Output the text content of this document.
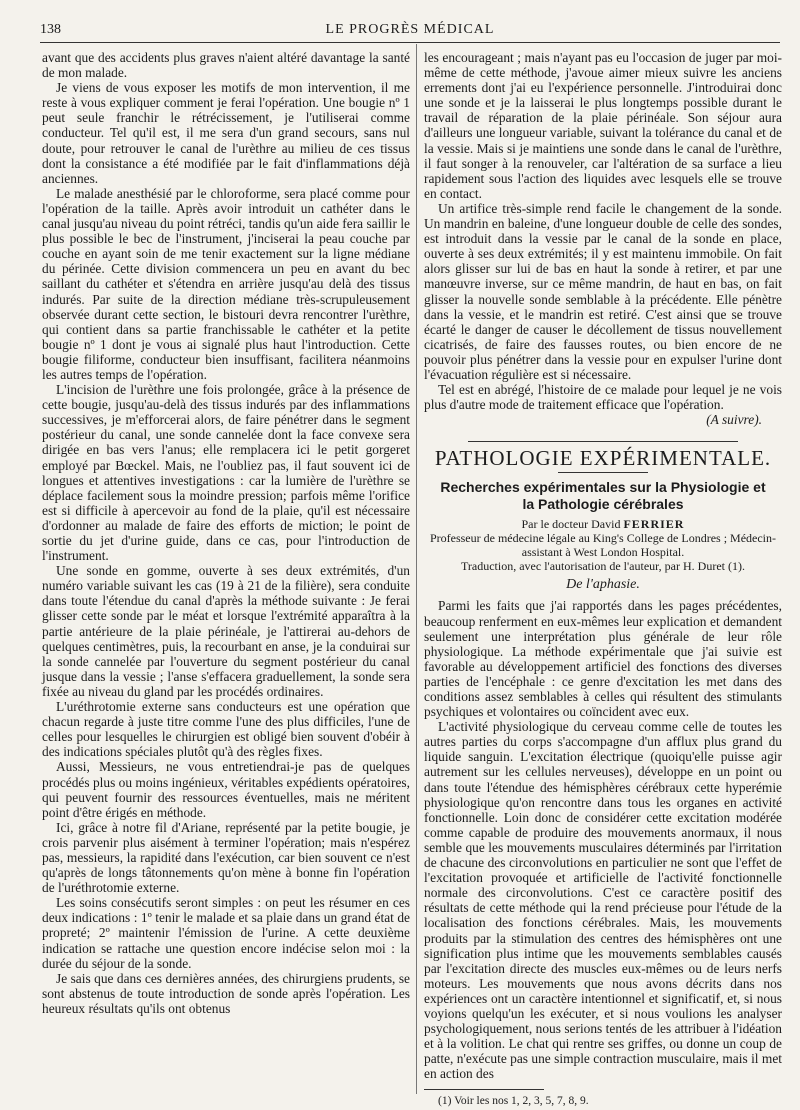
138	LE PROGRÈS MÉDICAL

avant que des accidents plus graves n'aient altéré davantage la santé de mon malade.

Je viens de vous exposer les motifs de mon intervention, il me reste à vous expliquer comment je ferai l'opération. Une bougie nº 1 peut seule franchir le rétrécissement, je l'utiliserai comme conducteur. Tel qu'il est, il me sera d'un grand secours, sans nul doute, pour retrouver le canal de l'urèthre au milieu de ces tissus dont la consistance a été modifiée par le fait d'inflammations déjà anciennes.

Le malade anesthésié par le chloroforme, sera placé comme pour l'opération de la taille. Après avoir introduit un cathéter dans le canal jusqu'au niveau du point rétréci, tandis qu'un aide fera saillir le plus possible le bec de l'instrument, j'inciserai la peau couche par couche en ayant soin de me tenir exactement sur la ligne médiane du périnée. Cette division commencera un peu en avant du bec saillant du cathéter et s'étendra en arrière jusqu'au delà des tissus indurés. Par suite de la direction médiane très-scrupuleusement observée durant cette section, le bistouri devra rencontrer l'urèthre, qui contient dans sa partie franchissable le cathéter et la petite bougie nº 1 dont je vous ai signalé plus haut l'introduction. Cette bougie filiforme, conducteur bien insuffisant, facilitera néanmoins les autres temps de l'opération.

L'incision de l'urèthre une fois prolongée, grâce à la présence de cette bougie, jusqu'au-delà des tissus indurés par des inflammations successives, je m'efforcerai alors, de faire pénétrer dans le segment postérieur du canal, une sonde cannelée dont la face convexe sera dirigée en bas vers l'anus; elle remplacera ici le petit gorgeret employé par Bœckel. Mais, ne l'oubliez pas, il faut souvent ici de longues et attentives investigations : car la lumière de l'urèthre se déplace facilement sous la moindre pression; parfois même l'orifice est si difficile à apercevoir au fond de la plaie, qu'il est nécessaire d'ordonner au malade de faire des efforts de miction; le point de sortie du jet d'urine guide, dans ce cas, pour l'introduction de l'instrument.

Une sonde en gomme, ouverte à ses deux extrémités, d'un numéro variable suivant les cas (19 à 21 de la filière), sera conduite dans toute l'étendue du canal d'après la méthode suivante : Je ferai glisser cette sonde par le méat et lorsque l'extrémité apparaîtra à la partie antérieure de la plaie périnéale, je l'attirerai au-dehors de quelques centimètres, puis, la recourbant en anse, je la conduirai sur la sonde cannelée par l'ouverture du segment postérieur du canal jusque dans la vessie ; l'anse s'effacera graduellement, la sonde sera fixée au niveau du gland par les procédés ordinaires.

L'uréthrotomie externe sans conducteurs est une opération que chacun regarde à juste titre comme l'une des plus difficiles, l'une de celles pour lesquelles le chirurgien est obligé bien souvent d'obéir à des indications spéciales plutôt qu'à des règles fixes.

Aussi, Messieurs, ne vous entretiendrai-je pas de quelques procédés plus ou moins ingénieux, véritables expédients opératoires, qui peuvent fournir des ressources éventuelles, mais ne méritent point d'être érigés en méthode.

Ici, grâce à notre fil d'Ariane, représenté par la petite bougie, je crois parvenir plus aisément à terminer l'opération; mais n'espérez pas, messieurs, la rapidité dans l'exécution, car bien souvent ce n'est qu'après de longs tâtonnements qu'on mène à bonne fin l'opération de l'uréthrotomie externe.

Les soins consécutifs seront simples : on peut les résumer en ces deux indications : 1º tenir le malade et sa plaie dans un grand état de propreté; 2º maintenir l'émission de l'urine. A cette deuxième indication se rattache une question encore indécise selon moi : la durée du séjour de la sonde.

Je sais que dans ces dernières années, des chirurgiens prudents, se sont abstenus de toute introduction de sonde après l'opération. Les heureux résultats qu'ils ont obtenus

les encourageant ; mais n'ayant pas eu l'occasion de juger par moi-même de cette méthode, j'avoue aimer mieux suivre les anciens errements dont j'ai eu l'expérience personnelle. J'introduirai donc une sonde et je la laisserai le plus longtemps possible durant le travail de réparation de la plaie périnéale. Son séjour aura d'ailleurs une longueur variable, suivant la tolérance du canal et de la vessie. Mais si je maintiens une sonde dans le canal de l'urèthre, il faut songer à la renouveler, car l'altération de sa surface a lieu rapidement sous l'action des liquides avec lesquels elle se trouve en contact.

Un artifice très-simple rend facile le changement de la sonde. Un mandrin en baleine, d'une longueur double de celle des sondes, est introduit dans la vessie par le canal de la sonde en place, ouverte à ses deux extrémités; il y est maintenu immobile. On fait alors glisser sur lui de bas en haut la sonde à retirer, et par une manœuvre inverse, sur ce même mandrin, de haut en bas, on fait glisser la nouvelle sonde semblable à la précédente. Elle pénètre dans la vessie, et le mandrin est retiré. C'est ainsi que se trouve écarté le danger de causer le décollement de tissus nouvellement cicatrisés, de faire des fausses routes, ou bien encore de ne pouvoir plus pénétrer dans la vessie pour en expulser l'urine dont l'évacuation régulière est si nécessaire.

Tel est en abrégé, l'histoire de ce malade pour lequel je ne vois plus d'autre mode de traitement efficace que l'opération.

(A suivre).
PATHOLOGIE EXPÉRIMENTALE.
Recherches expérimentales sur la Physiologie et
la Pathologie cérébrales
Par le docteur David FERRIER
Professeur de médecine légale au King's College de Londres ; Médecin-assistant à West London Hospital.
Traduction, avec l'autorisation de l'auteur, par H. Duret (1).
De l'aphasie.

Parmi les faits que j'ai rapportés dans les pages précédentes, beaucoup renferment en eux-mêmes leur explication et demandent seulement une interprétation plus générale de leur rôle physiologique. La méthode expérimentale que j'ai suivie est favorable au développement artificiel des fonctions des diverses parties de l'encéphale : ce genre d'excitation les met dans des conditions assez semblables à celles qui résultent des stimulants psychiques et volontaires ou coïncident avec eux.

L'activité physiologique du cerveau comme celle de toutes les autres parties du corps s'accompagne d'un afflux plus grand du liquide sanguin. L'excitation électrique (quoiqu'elle puisse agir autrement sur les cellules nerveuses), développe en un point ou dans toute l'étendue des hémisphères cérébraux cette hyperémie physiologique qu'on rencontre dans tous les organes en activité fonctionnelle. Loin donc de considérer cette excitation modérée comme capable de produire des mouvements anormaux, il nous semble que les mouvements musculaires déterminés par l'irritation de chacune des circonvolutions en particulier ne sont que l'effet de l'excitation provoquée et artificielle de l'activité fonctionnelle normale des circonvolutions. C'est ce caractère positif des résultats de cette méthode qui la rend précieuse pour l'étude de la localisation des fonctions cérébrales. Mais, les mouvements produits par la stimulation des centres des hémisphères ont une signification plus intime que les mouvements semblables causés par l'excitation directe des muscles eux-mêmes ou de leurs nerfs moteurs. Les mouvements que nous avons décrits dans nos expériences ont un caractère intentionnel et significatif, et, si nous voyions quelqu'un les exécuter, et si nous voulions les analyser psychologiquement, nous serions tentés de les attribuer à l'idéation et à la volition. Le chat qui rentre ses griffes, ou donne un coup de patte, n'exécute pas une simple contraction musculaire, mais il met en action des

(1) Voir les nos 1, 2, 3, 5, 7, 8, 9.
